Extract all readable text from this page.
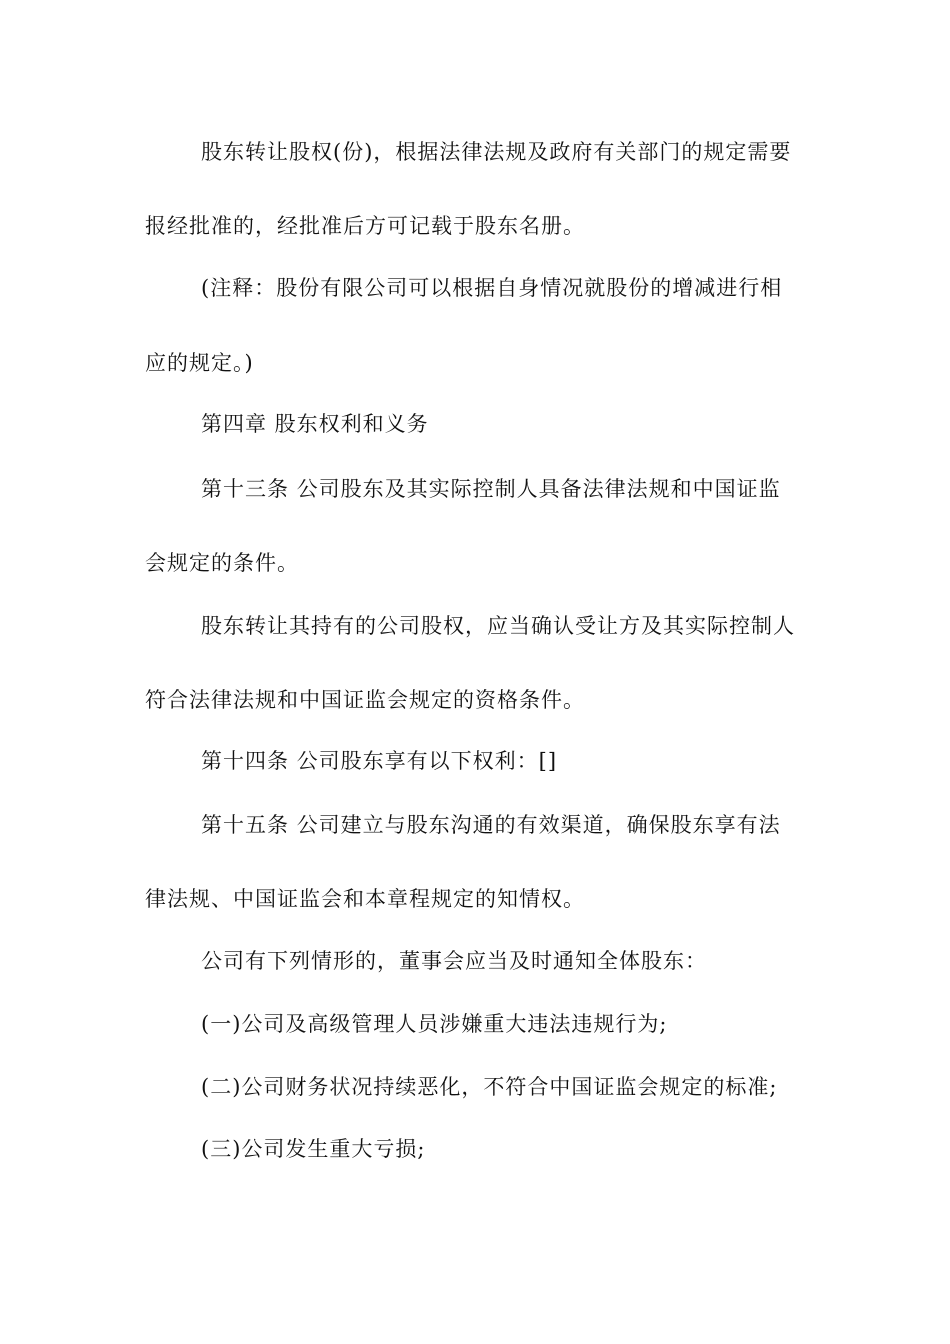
股东转让股权(份)，根据法律法规及政府有关部门的规定需要
报经批准的，经批准后方可记载于股东名册。
(注释：股份有限公司可以根据自身情况就股份的增减进行相
应的规定。)
第四章 股东权利和义务
第十三条 公司股东及其实际控制人具备法律法规和中国证监
会规定的条件。
股东转让其持有的公司股权，应当确认受让方及其实际控制人
符合法律法规和中国证监会规定的资格条件。
第十四条 公司股东享有以下权利：[]
第十五条 公司建立与股东沟通的有效渠道，确保股东享有法
律法规、中国证监会和本章程规定的知情权。
公司有下列情形的，董事会应当及时通知全体股东：
(一)公司及高级管理人员涉嫌重大违法违规行为;
(二)公司财务状况持续恶化，不符合中国证监会规定的标准;
(三)公司发生重大亏损;
